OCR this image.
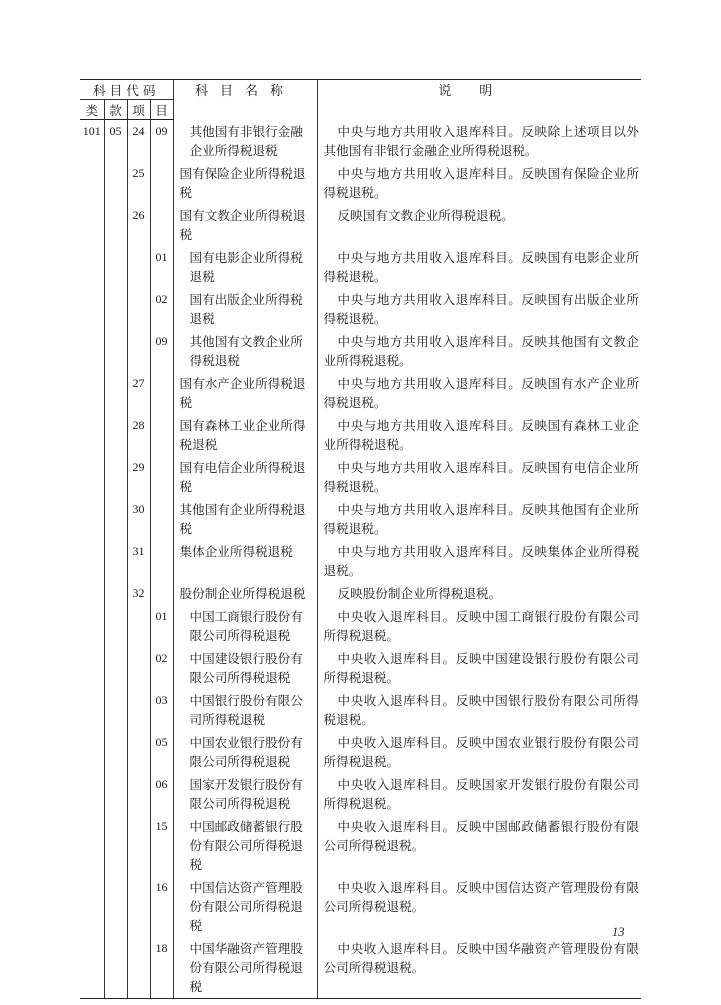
科目代码				科目名称	说明
类	款	项	目		
101	05	24	09	其他国有非银行金融企业所得税退税	中央与地方共用收入退库科目。反映除上述项目以外其他国有非银行金融企业所得税退税。

		25		国有保险企业所得税退税	中央与地方共用收入退库科目。反映国有保险企业所得税退税。

		26		国有文教企业所得税退税	反映国有文教企业所得税退税。

			01	国有电影企业所得税退税	中央与地方共用收入退库科目。反映国有电影企业所得税退税。

			02	国有出版企业所得税退税	中央与地方共用收入退库科目。反映国有出版企业所得税退税。

			09	其他国有文教企业所得税退税	中央与地方共用收入退库科目。反映其他国有文教企业所得税退税。

		27		国有水产企业所得税退税	中央与地方共用收入退库科目。反映国有水产企业所得税退税。

		28		国有森林工业企业所得税退税	中央与地方共用收入退库科目。反映国有森林工业企业所得税退税。

		29		国有电信企业所得税退税	中央与地方共用收入退库科目。反映国有电信企业所得税退税。

		30		其他国有企业所得税退税	中央与地方共用收入退库科目。反映其他国有企业所得税退税。

		31		集体企业所得税退税	中央与地方共用收入退库科目。反映集体企业所得税退税。

		32		股份制企业所得税退税	反映股份制企业所得税退税。

			01	中国工商银行股份有限公司所得税退税	中央收入退库科目。反映中国工商银行股份有限公司所得税退税。

			02	中国建设银行股份有限公司所得税退税	中央收入退库科目。反映中国建设银行股份有限公司所得税退税。

			03	中国银行股份有限公司所得税退税	中央收入退库科目。反映中国银行股份有限公司所得税退税。

			05	中国农业银行股份有限公司所得税退税	中央收入退库科目。反映中国农业银行股份有限公司所得税退税。

			06	国家开发银行股份有限公司所得税退税	中央收入退库科目。反映国家开发银行股份有限公司所得税退税。

			15	中国邮政储蓄银行股份有限公司所得税退税	中央收入退库科目。反映中国邮政储蓄银行股份有限公司所得税退税。

			16	中国信达资产管理股份有限公司所得税退税	中央收入退库科目。反映中国信达资产管理股份有限公司所得税退税。

			18	中国华融资产管理股份有限公司所得税退税	中央收入退库科目。反映中国华融资产管理股份有限公司所得税退税。
13
